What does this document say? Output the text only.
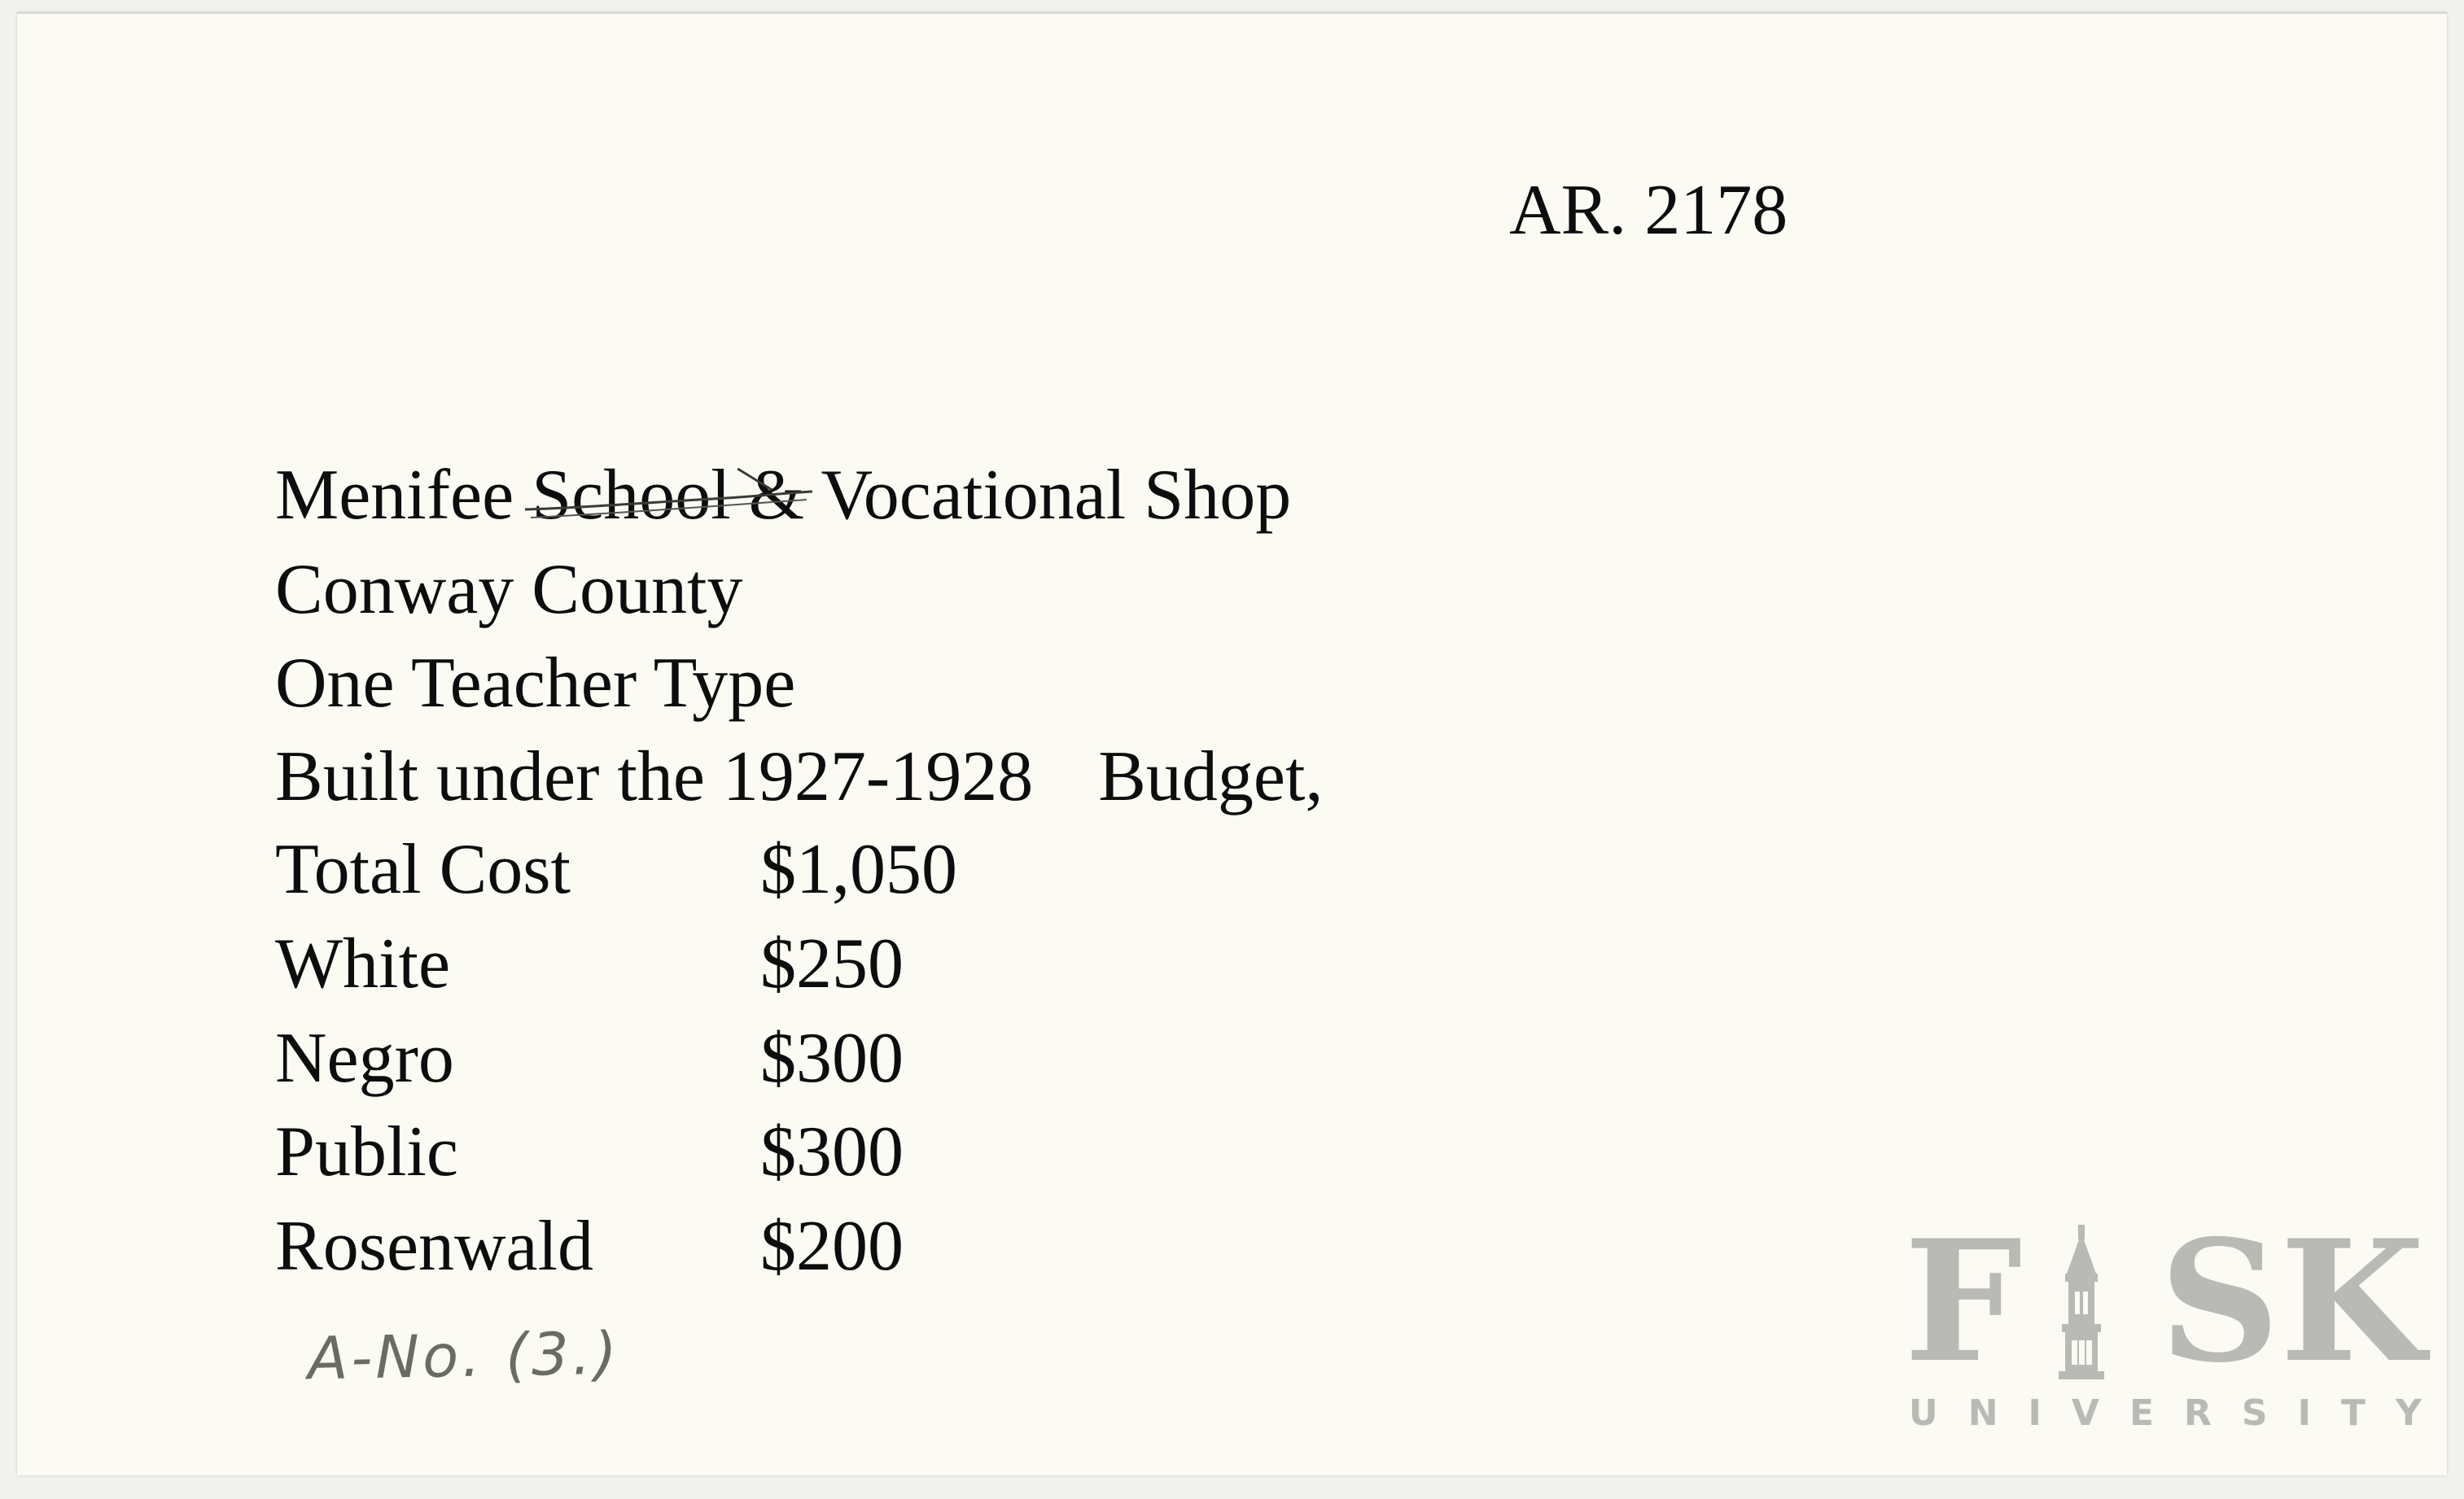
AR. 2178
Menifee School & Vocational Shop
Conway County
One Teacher Type
Built under the 1927-1928 Budget,
Total Cost	$1,050
White	$250
Negro	$300
Public	$300
Rosenwald $200
A-No. (3.)	F SK
UNIVERSITY
